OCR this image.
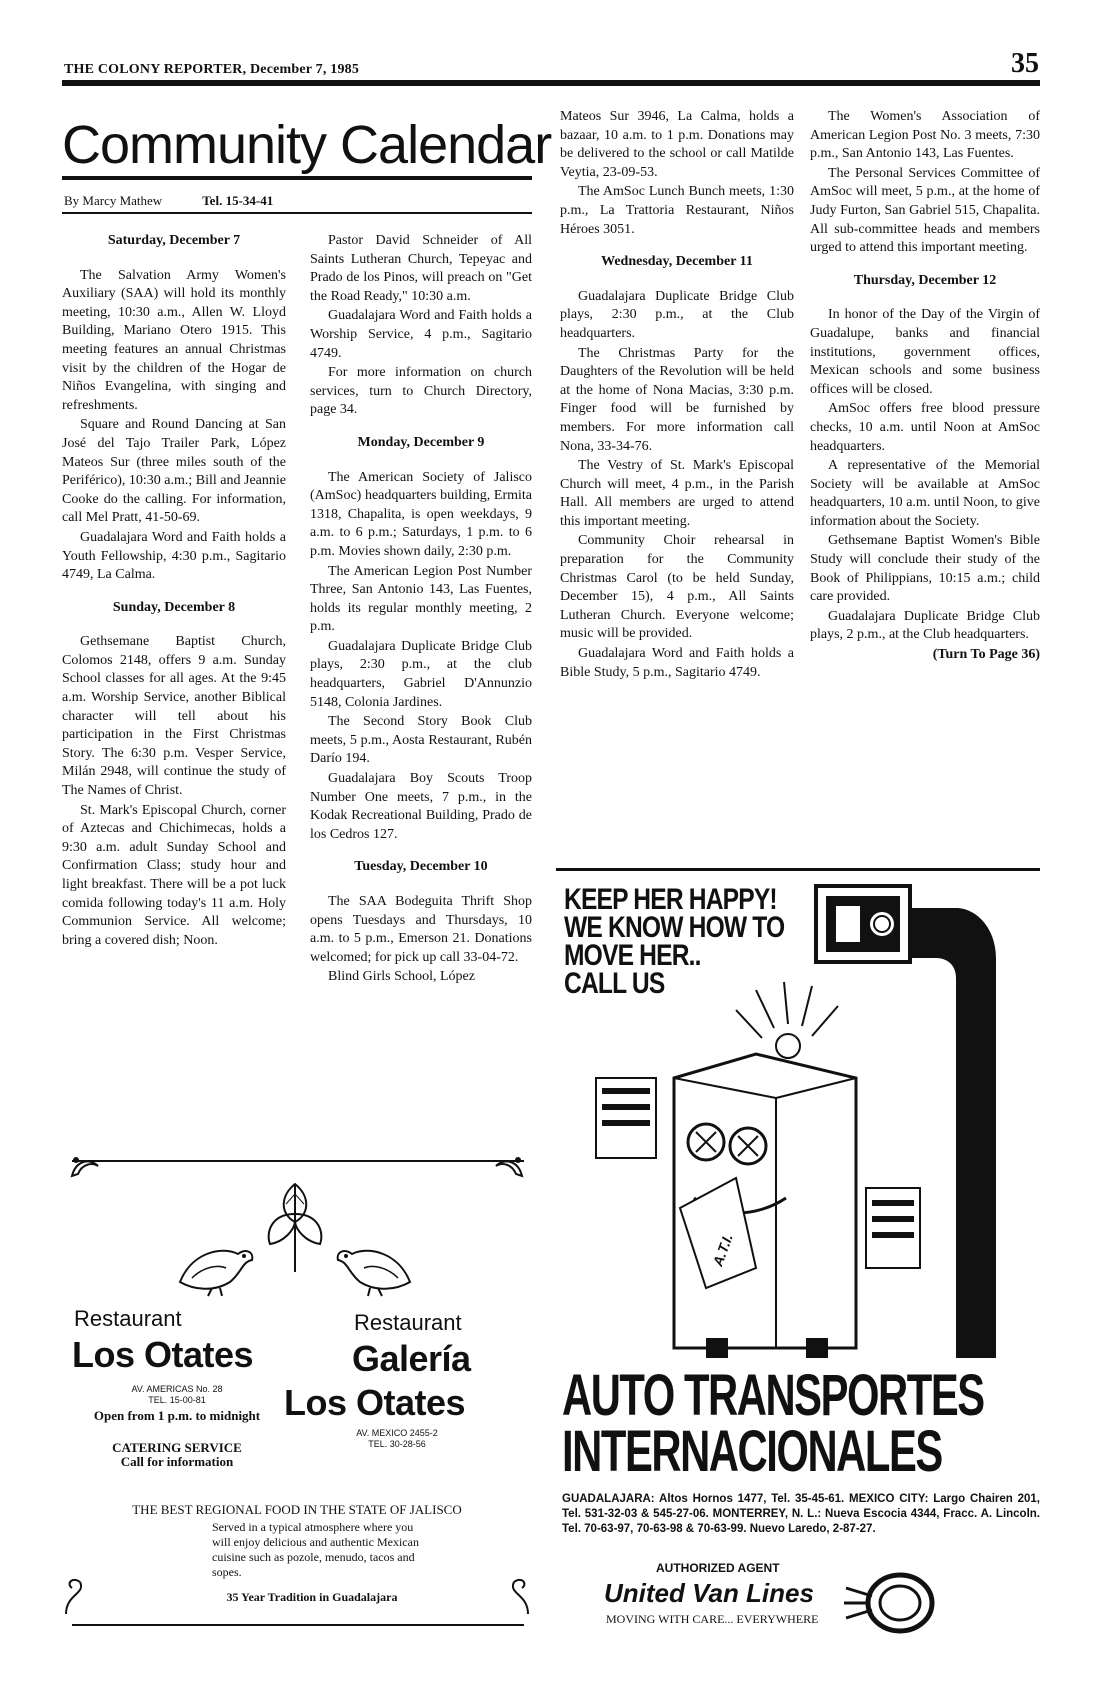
THE COLONY REPORTER, December 7, 1985	35
Community Calendar
By Marcy Mathew	Tel. 15-34-41
Saturday, December 7

The Salvation Army Women's Auxiliary (SAA) will hold its monthly meeting, 10:30 a.m., Allen W. Lloyd Building, Mariano Otero 1915. This meeting features an annual Christmas visit by the children of the Hogar de Niños Evangelina, with singing and refreshments.

Square and Round Dancing at San José del Tajo Trailer Park, López Mateos Sur (three miles south of the Periférico), 10:30 a.m.; Bill and Jeannie Cooke do the calling. For information, call Mel Pratt, 41-50-69.

Guadalajara Word and Faith holds a Youth Fellowship, 4:30 p.m., Sagitario 4749, La Calma.

Sunday, December 8

Gethsemane Baptist Church, Colomos 2148, offers 9 a.m. Sunday School classes for all ages. At the 9:45 a.m. Worship Service, another Biblical character will tell about his participation in the First Christmas Story. The 6:30 p.m. Vesper Service, Milán 2948, will continue the study of The Names of Christ.

St. Mark's Episcopal Church, corner of Aztecas and Chichimecas, holds a 9:30 a.m. adult Sunday School and Confirmation Class; study hour and light breakfast. There will be a pot luck comida following today's 11 a.m. Holy Communion Service. All welcome; bring a covered dish; Noon.

Pastor David Schneider of All Saints Lutheran Church, Tepeyac and Prado de los Pinos, will preach on "Get the Road Ready," 10:30 a.m.

Guadalajara Word and Faith holds a Worship Service, 4 p.m., Sagitario 4749.

For more information on church services, turn to Church Directory, page 34.

Monday, December 9

The American Society of Jalisco (AmSoc) headquarters building, Ermita 1318, Chapalita, is open weekdays, 9 a.m. to 6 p.m.; Saturdays, 1 p.m. to 6 p.m. Movies shown daily, 2:30 p.m.

The American Legion Post Number Three, San Antonio 143, Las Fuentes, holds its regular monthly meeting, 2 p.m.

Guadalajara Duplicate Bridge Club plays, 2:30 p.m., at the club headquarters, Gabriel D'Annunzio 5148, Colonia Jardines.

The Second Story Book Club meets, 5 p.m., Aosta Restaurant, Rubén Darío 194.

Guadalajara Boy Scouts Troop Number One meets, 7 p.m., in the Kodak Recreational Building, Prado de los Cedros 127.

Tuesday, December 10

The SAA Bodeguita Thrift Shop opens Tuesdays and Thursdays, 10 a.m. to 5 p.m., Emerson 21. Donations welcomed; for pick up call 33-04-72.

Blind Girls School, López

Mateos Sur 3946, La Calma, holds a bazaar, 10 a.m. to 1 p.m. Donations may be delivered to the school or call Matilde Veytia, 23-09-53.

The AmSoc Lunch Bunch meets, 1:30 p.m., La Trattoria Restaurant, Niños Héroes 3051.

Wednesday, December 11

Guadalajara Duplicate Bridge Club plays, 2:30 p.m., at the Club headquarters.

The Christmas Party for the Daughters of the Revolution will be held at the home of Nona Macias, 3:30 p.m. Finger food will be furnished by members. For more information call Nona, 33-34-76.

The Vestry of St. Mark's Episcopal Church will meet, 4 p.m., in the Parish Hall. All members are urged to attend this important meeting.

Community Choir rehearsal in preparation for the Community Christmas Carol (to be held Sunday, December 15), 4 p.m., All Saints Lutheran Church. Everyone welcome; music will be provided.

Guadalajara Word and Faith holds a Bible Study, 5 p.m., Sagitario 4749.

The Women's Association of American Legion Post No. 3 meets, 7:30 p.m., San Antonio 143, Las Fuentes.

The Personal Services Committee of AmSoc will meet, 5 p.m., at the home of Judy Furton, San Gabriel 515, Chapalita. All sub-committee heads and members urged to attend this important meeting.

Thursday, December 12

In honor of the Day of the Virgin of Guadalupe, banks and financial institutions, government offices, Mexican schools and some business offices will be closed.

AmSoc offers free blood pressure checks, 10 a.m. until Noon at AmSoc headquarters.

A representative of the Memorial Society will be available at AmSoc headquarters, 10 a.m. until Noon, to give information about the Society.

Gethsemane Baptist Women's Bible Study will conclude their study of the Book of Philippians, 10:15 a.m.; child care provided.

Guadalajara Duplicate Bridge Club plays, 2 p.m., at the Club headquarters.

(Turn To Page 36)

Restaurant
Los Otates
AV. AMERICAS No. 28
TEL. 15-00-81
Open from 1 p.m. to midnight
CATERING SERVICE
Call for information
Restaurant
Galería
Los Otates
AV. MEXICO 2455-2
TEL. 30-28-56
THE BEST REGIONAL FOOD IN THE STATE OF JALISCO
Served in a typical atmosphere where you will enjoy delicious and authentic Mexican cuisine such as pozole, menudo, tacos and sopes.
35 Year Tradition in Guadalajara
KEEP HER HAPPY!
WE KNOW HOW TO
MOVE HER..
CALL US
A.T.I.
AUTO TRANSPORTES
INTERNACIONALES
GUADALAJARA: Altos Hornos 1477, Tel. 35-45-61. MEXICO CITY: Largo Chairen 201, Tel. 531-32-03 & 545-27-06. MONTERREY, N. L.: Nueva Escocia 4344, Fracc. A. Lincoln. Tel. 70-63-97, 70-63-98 & 70-63-99. Nuevo Laredo, 2-87-27.
AUTHORIZED AGENT
United Van Lines
MOVING WITH CARE... EVERYWHERE
